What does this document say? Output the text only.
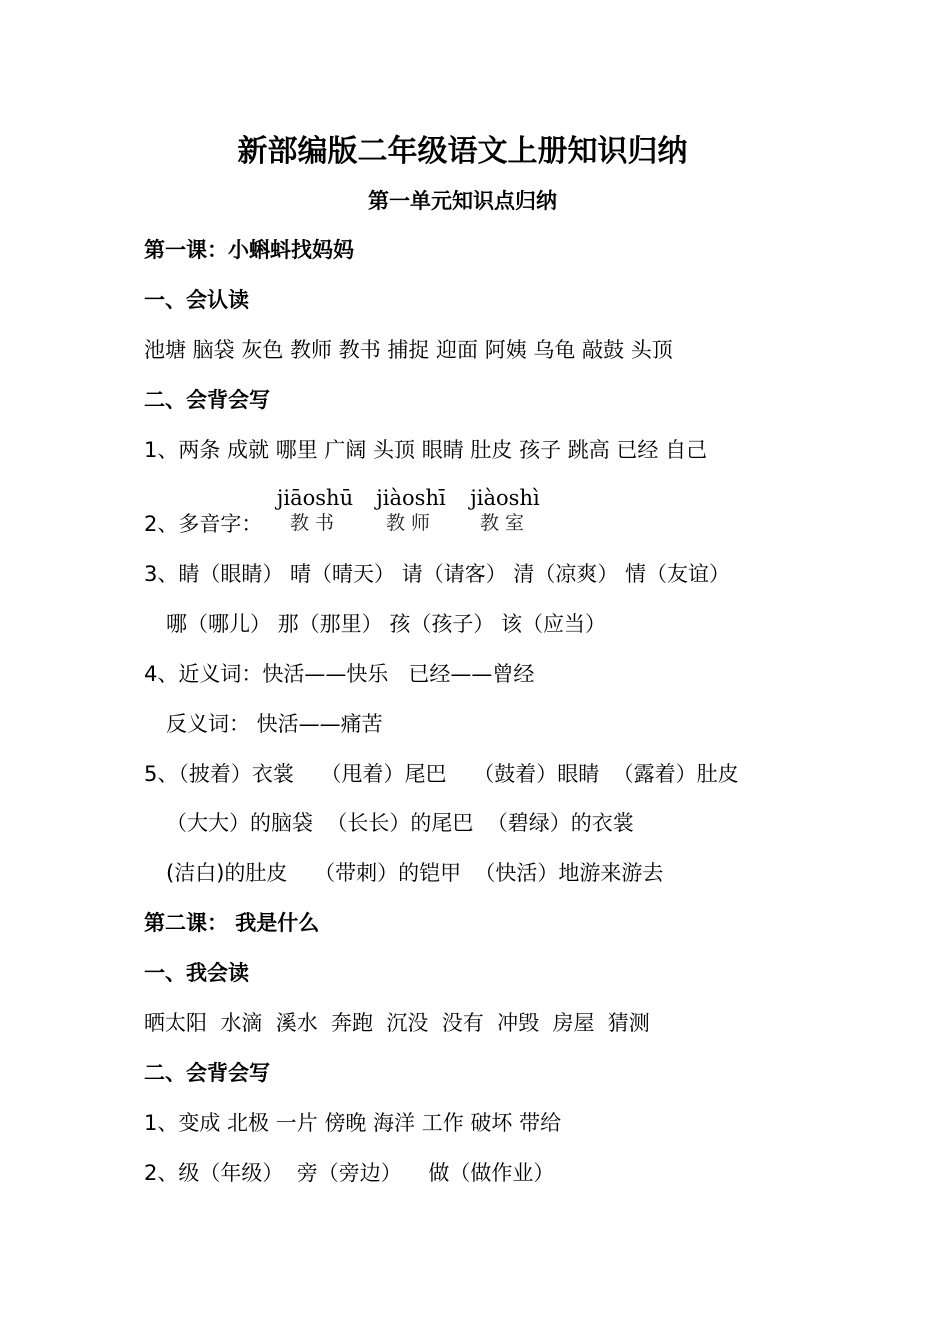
新部编版二年级语文上册知识归纳
第一单元知识点归纳
第一课：小蝌蚪找妈妈
一、会认读
池塘 脑袋 灰色 教师 教书 捕捉 迎面 阿姨 乌龟 敲鼓 头顶
二、会背会写
1、两条 成就 哪里 广阔 头顶 眼睛 肚皮 孩子 跳高 已经 自己
2、多音字：
jiāoshū
教书
jiàoshī
教师
jiàoshì
教室
3、睛（眼睛） 晴（晴天） 请（请客） 清（凉爽） 情（友谊）
哪（哪儿） 那（那里） 孩（孩子） 该（应当）
4、近义词：快活——快乐   已经——曾经
反义词： 快活——痛苦
5、（披着）衣裳    （甩着）尾巴    （鼓着）眼睛  （露着）肚皮
（大大）的脑袋  （长长）的尾巴  （碧绿）的衣裳
(洁白)的肚皮    （带刺）的铠甲  （快活）地游来游去
第二课： 我是什么
一、我会读
晒太阳  水滴  溪水  奔跑  沉没  没有  冲毁  房屋  猜测
二、会背会写
1、变成 北极 一片 傍晚 海洋 工作 破坏 带给
2、级（年级）  旁（旁边）    做（做作业）
